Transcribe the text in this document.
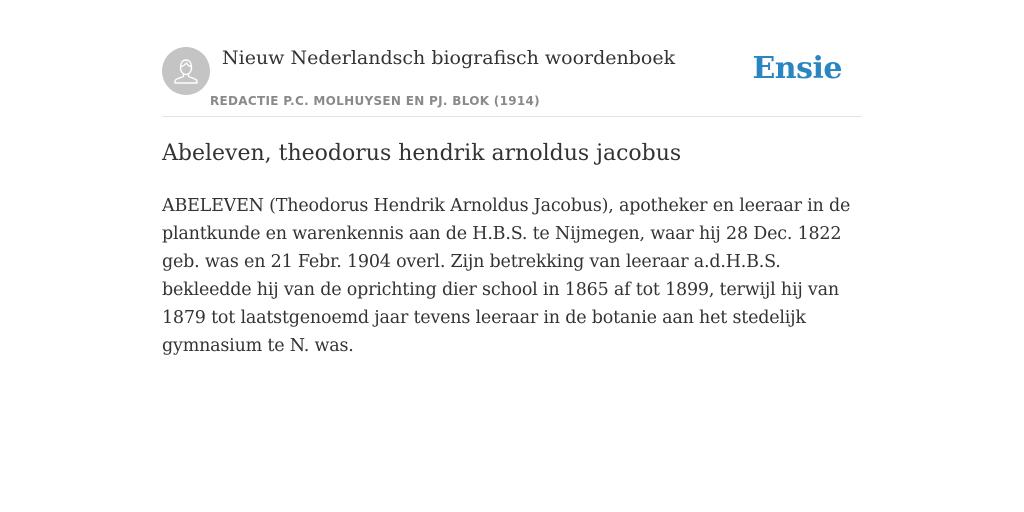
Nieuw Nederlandsch biografisch woordenboek
REDACTIE P.C. MOLHUYSEN EN PJ. BLOK (1914)
Ensie
Abeleven, theodorus hendrik arnoldus jacobus

ABELEVEN (Theodorus Hendrik Arnoldus Jacobus), apotheker en leeraar in de plantkunde en warenkennis aan de H.B.S. te Nijmegen, waar hij 28 Dec. 1822 geb. was en 21 Febr. 1904 overl. Zijn betrekking van leeraar a.d.H.B.S. bekleedde hij van de oprichting dier school in 1865 af tot 1899, terwijl hij van 1879 tot laatstgenoemd jaar tevens leeraar in de botanie aan het stedelijk gymnasium te N. was.
